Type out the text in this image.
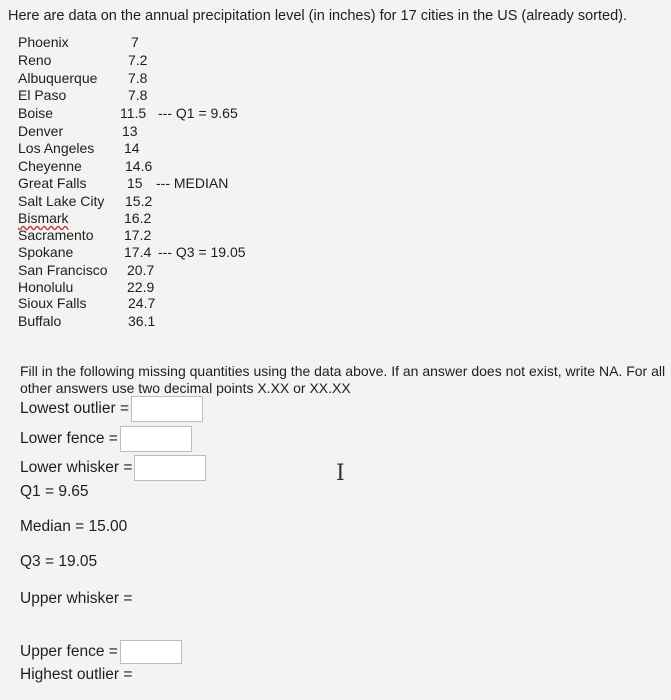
Here are data on the annual precipitation level (in inches) for 17 cities in the US (already sorted).
Phoenix	7
Reno	7.2
Albuquerque 7.8
El Paso	7.8
Boise	11.5 --- Q1 = 9.65
Denver	13
Los Angeles 14
Cheyenne	14.6
Great Falls	15 --- MEDIAN
Salt Lake City 15.2
Bismark	16.2
Sacramento 17.2
Spokane	17.4 --- Q3 = 19.05
San Francisco 20.7
Honolulu	22.9
Sioux Falls	24.7
Buffalo	36.1
Fill in the following missing quantities using the data above. If an answer does not exist, write NA. For all other answers use two decimal points X.XX or XX.XX
Lowest outlier =
Lower fence =
Lower whisker =
Q1 = 9.65
Median = 15.00
Q3 = 19.05
Upper whisker =
Upper fence =
Highest outlier =
I
